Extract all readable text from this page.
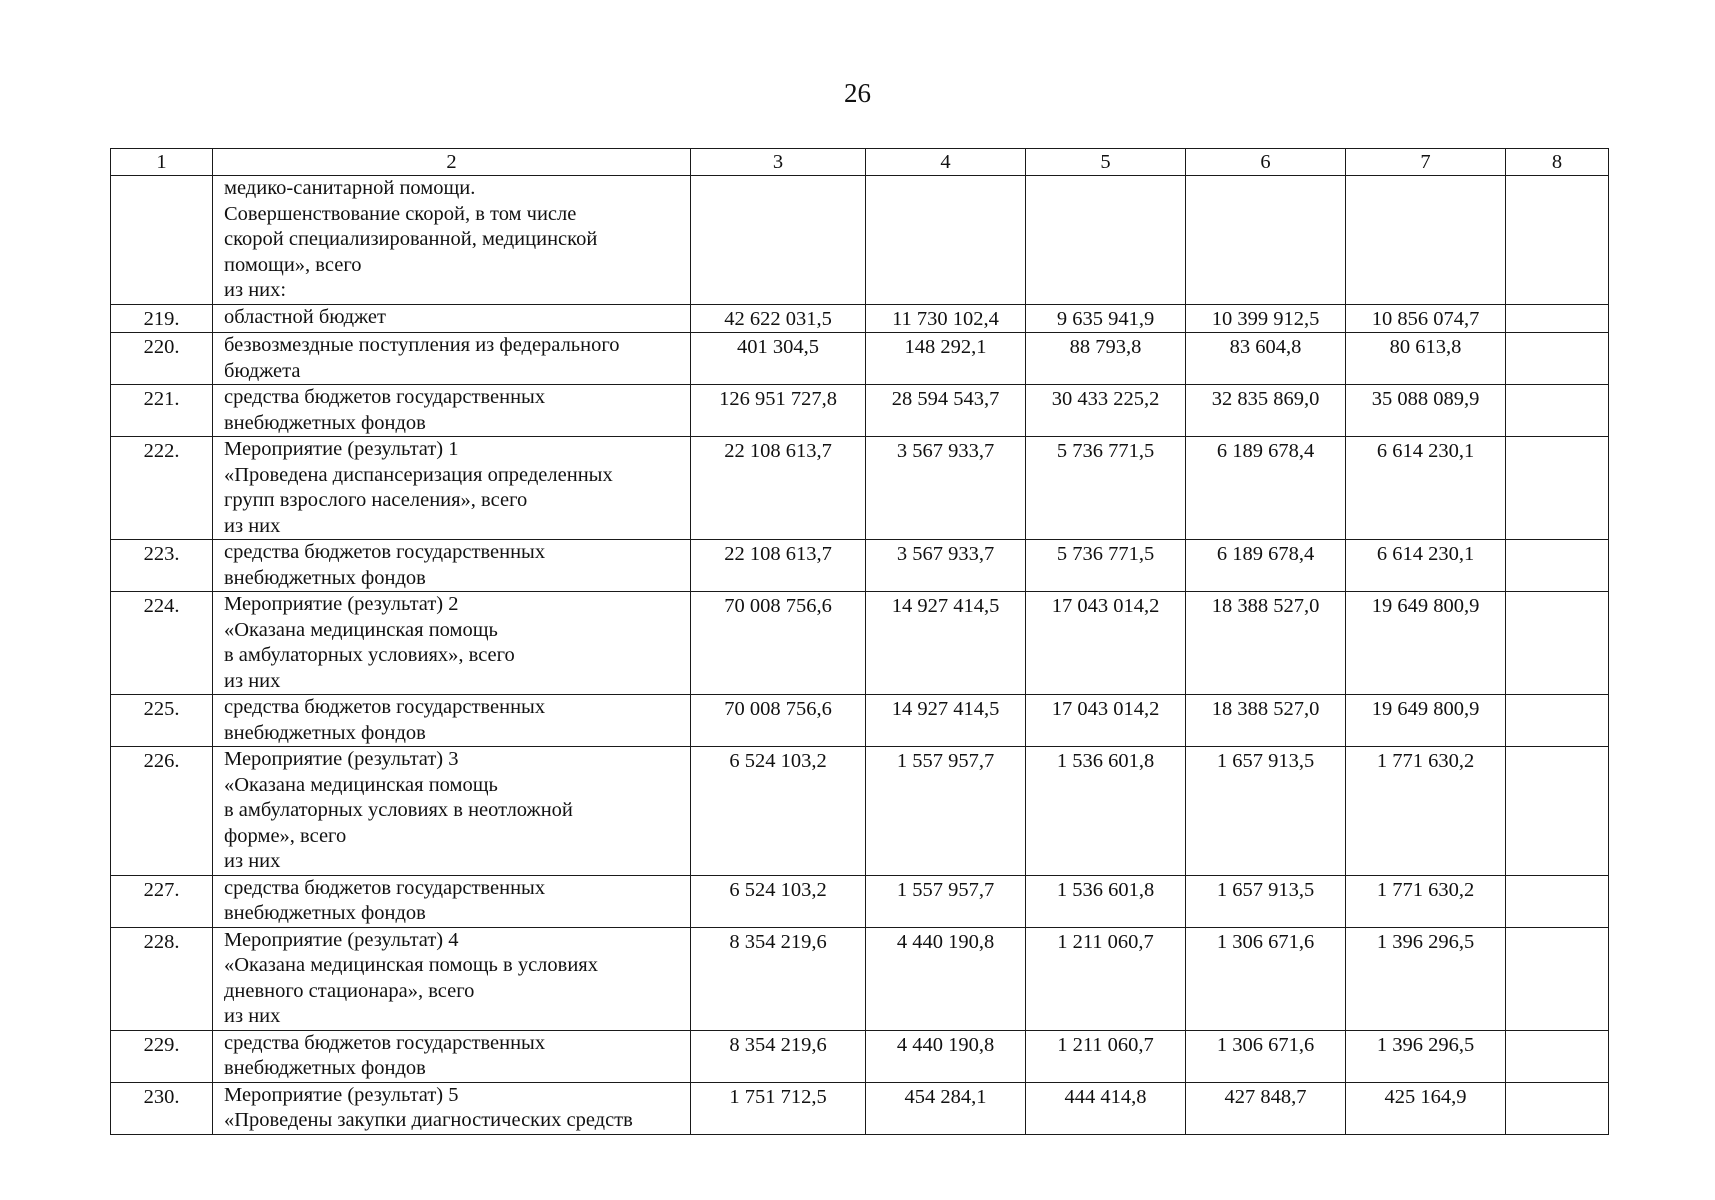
26
1	2	3	4	5	6	7	8

	медико-санитарной помощи.
Совершенствование скорой, в том числе
скорой специализированной, медицинской
помощи», всего
из них:						

219.	областной бюджет	42 622 031,5	11 730 102,4	9 635 941,9	10 399 912,5	10 856 074,7	
220.	безвозмездные поступления из федерального
бюджета	401 304,5	148 292,1	88 793,8	83 604,8	80 613,8	
221.	средства бюджетов государственных
внебюджетных фондов	126 951 727,8	28 594 543,7	30 433 225,2	32 835 869,0	35 088 089,9	
222.	Мероприятие (результат) 1
«Проведена диспансеризация определенных
групп взрослого населения», всего
из них	22 108 613,7	3 567 933,7	5 736 771,5	6 189 678,4	6 614 230,1	
223.	средства бюджетов государственных
внебюджетных фондов	22 108 613,7	3 567 933,7	5 736 771,5	6 189 678,4	6 614 230,1	
224.	Мероприятие (результат) 2
«Оказана медицинская помощь
в амбулаторных условиях», всего
из них	70 008 756,6	14 927 414,5	17 043 014,2	18 388 527,0	19 649 800,9	
225.	средства бюджетов государственных
внебюджетных фондов	70 008 756,6	14 927 414,5	17 043 014,2	18 388 527,0	19 649 800,9	
226.	Мероприятие (результат) 3
«Оказана медицинская помощь
в амбулаторных условиях в неотложной
форме», всего
из них	6 524 103,2	1 557 957,7	1 536 601,8	1 657 913,5	1 771 630,2	
227.	средства бюджетов государственных
внебюджетных фондов	6 524 103,2	1 557 957,7	1 536 601,8	1 657 913,5	1 771 630,2	
228.	Мероприятие (результат) 4
«Оказана медицинская помощь в условиях
дневного стационара», всего
из них	8 354 219,6	4 440 190,8	1 211 060,7	1 306 671,6	1 396 296,5	
229.	средства бюджетов государственных
внебюджетных фондов	8 354 219,6	4 440 190,8	1 211 060,7	1 306 671,6	1 396 296,5	
230.	Мероприятие (результат) 5
«Проведены закупки диагностических средств	1 751 712,5	454 284,1	444 414,8	427 848,7	425 164,9	
